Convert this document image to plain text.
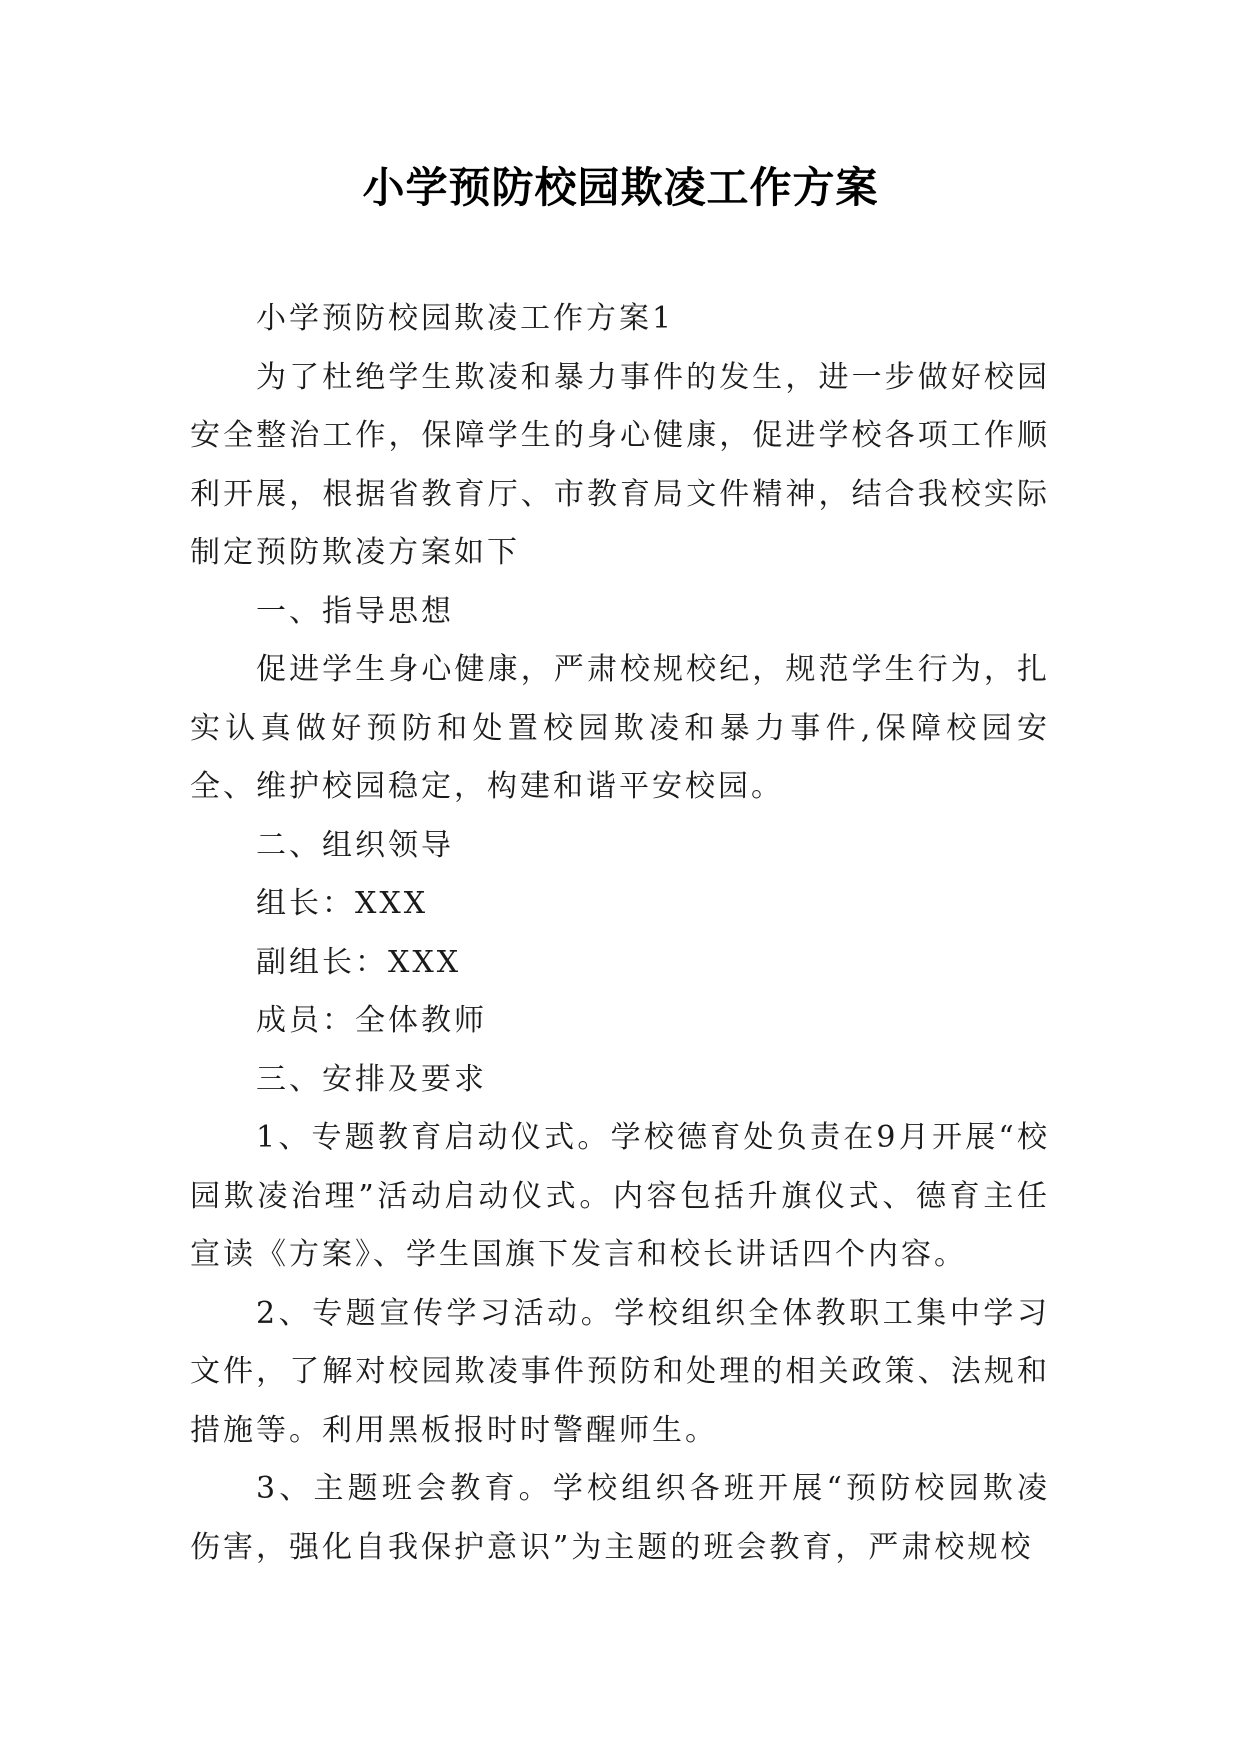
小学预防校园欺凌工作方案

小学预防校园欺凌工作方案1

为了杜绝学生欺凌和暴力事件的发生，进一步做好校园安全整治工作，保障学生的身心健康，促进学校各项工作顺利开展，根据省教育厅、市教育局文件精神，结合我校实际制定预防欺凌方案如下

一、指导思想

促进学生身心健康，严肃校规校纪，规范学生行为，扎实认真做好预防和处置校园欺凌和暴力事件,保障校园安全、维护校园稳定，构建和谐平安校园。

二、组织领导

组长：XXX

副组长：XXX

成员：全体教师

三、安排及要求

1、专题教育启动仪式。学校德育处负责在9月开展“校园欺凌治理”活动启动仪式。内容包括升旗仪式、德育主任宣读《方案》、学生国旗下发言和校长讲话四个内容。

2、专题宣传学习活动。学校组织全体教职工集中学习文件，了解对校园欺凌事件预防和处理的相关政策、法规和措施等。利用黑板报时时警醒师生。

3、主题班会教育。学校组织各班开展“预防校园欺凌伤害，强化自我保护意识”为主题的班会教育，严肃校规校
